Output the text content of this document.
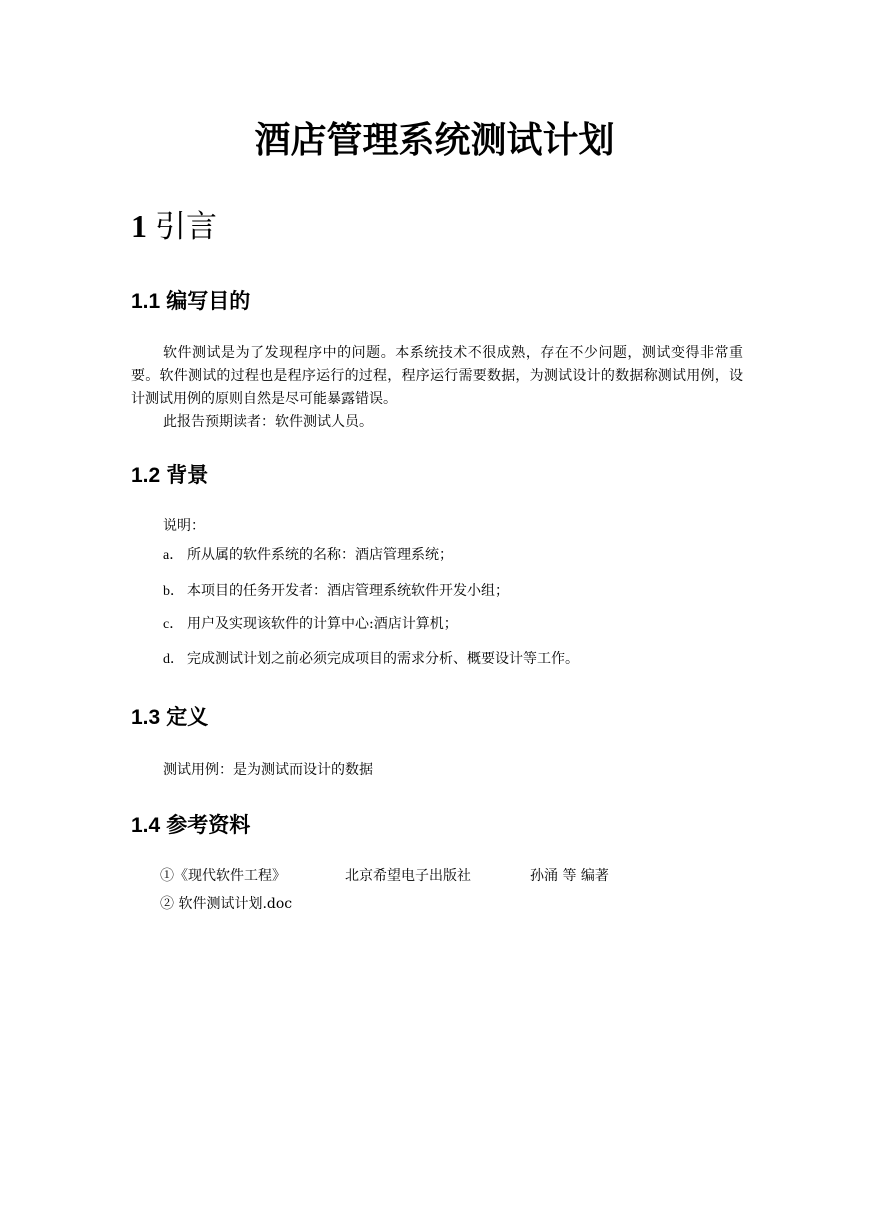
酒店管理系统测试计划
1 引言
1.1 编写目的

软件测试是为了发现程序中的问题。本系统技术不很成熟，存在不少问题，测试变得非常重要。软件测试的过程也是程序运行的过程，程序运行需要数据，为测试设计的数据称测试用例，设计测试用例的原则自然是尽可能暴露错误。

此报告预期读者：软件测试人员。

1.2 背景

说明：

a． 所从属的软件系统的名称：酒店管理系统；

b． 本项目的任务开发者：酒店管理系统软件开发小组；

c． 用户及实现该软件的计算中心:酒店计算机；

d． 完成测试计划之前必须完成项目的需求分析、概要设计等工作。

1.3 定义

测试用例：是为测试而设计的数据

1.4 参考资料
①《现代软件工程》	北京希望电子出版社	孙涌 等 编著
② 软件测试计划.doc
